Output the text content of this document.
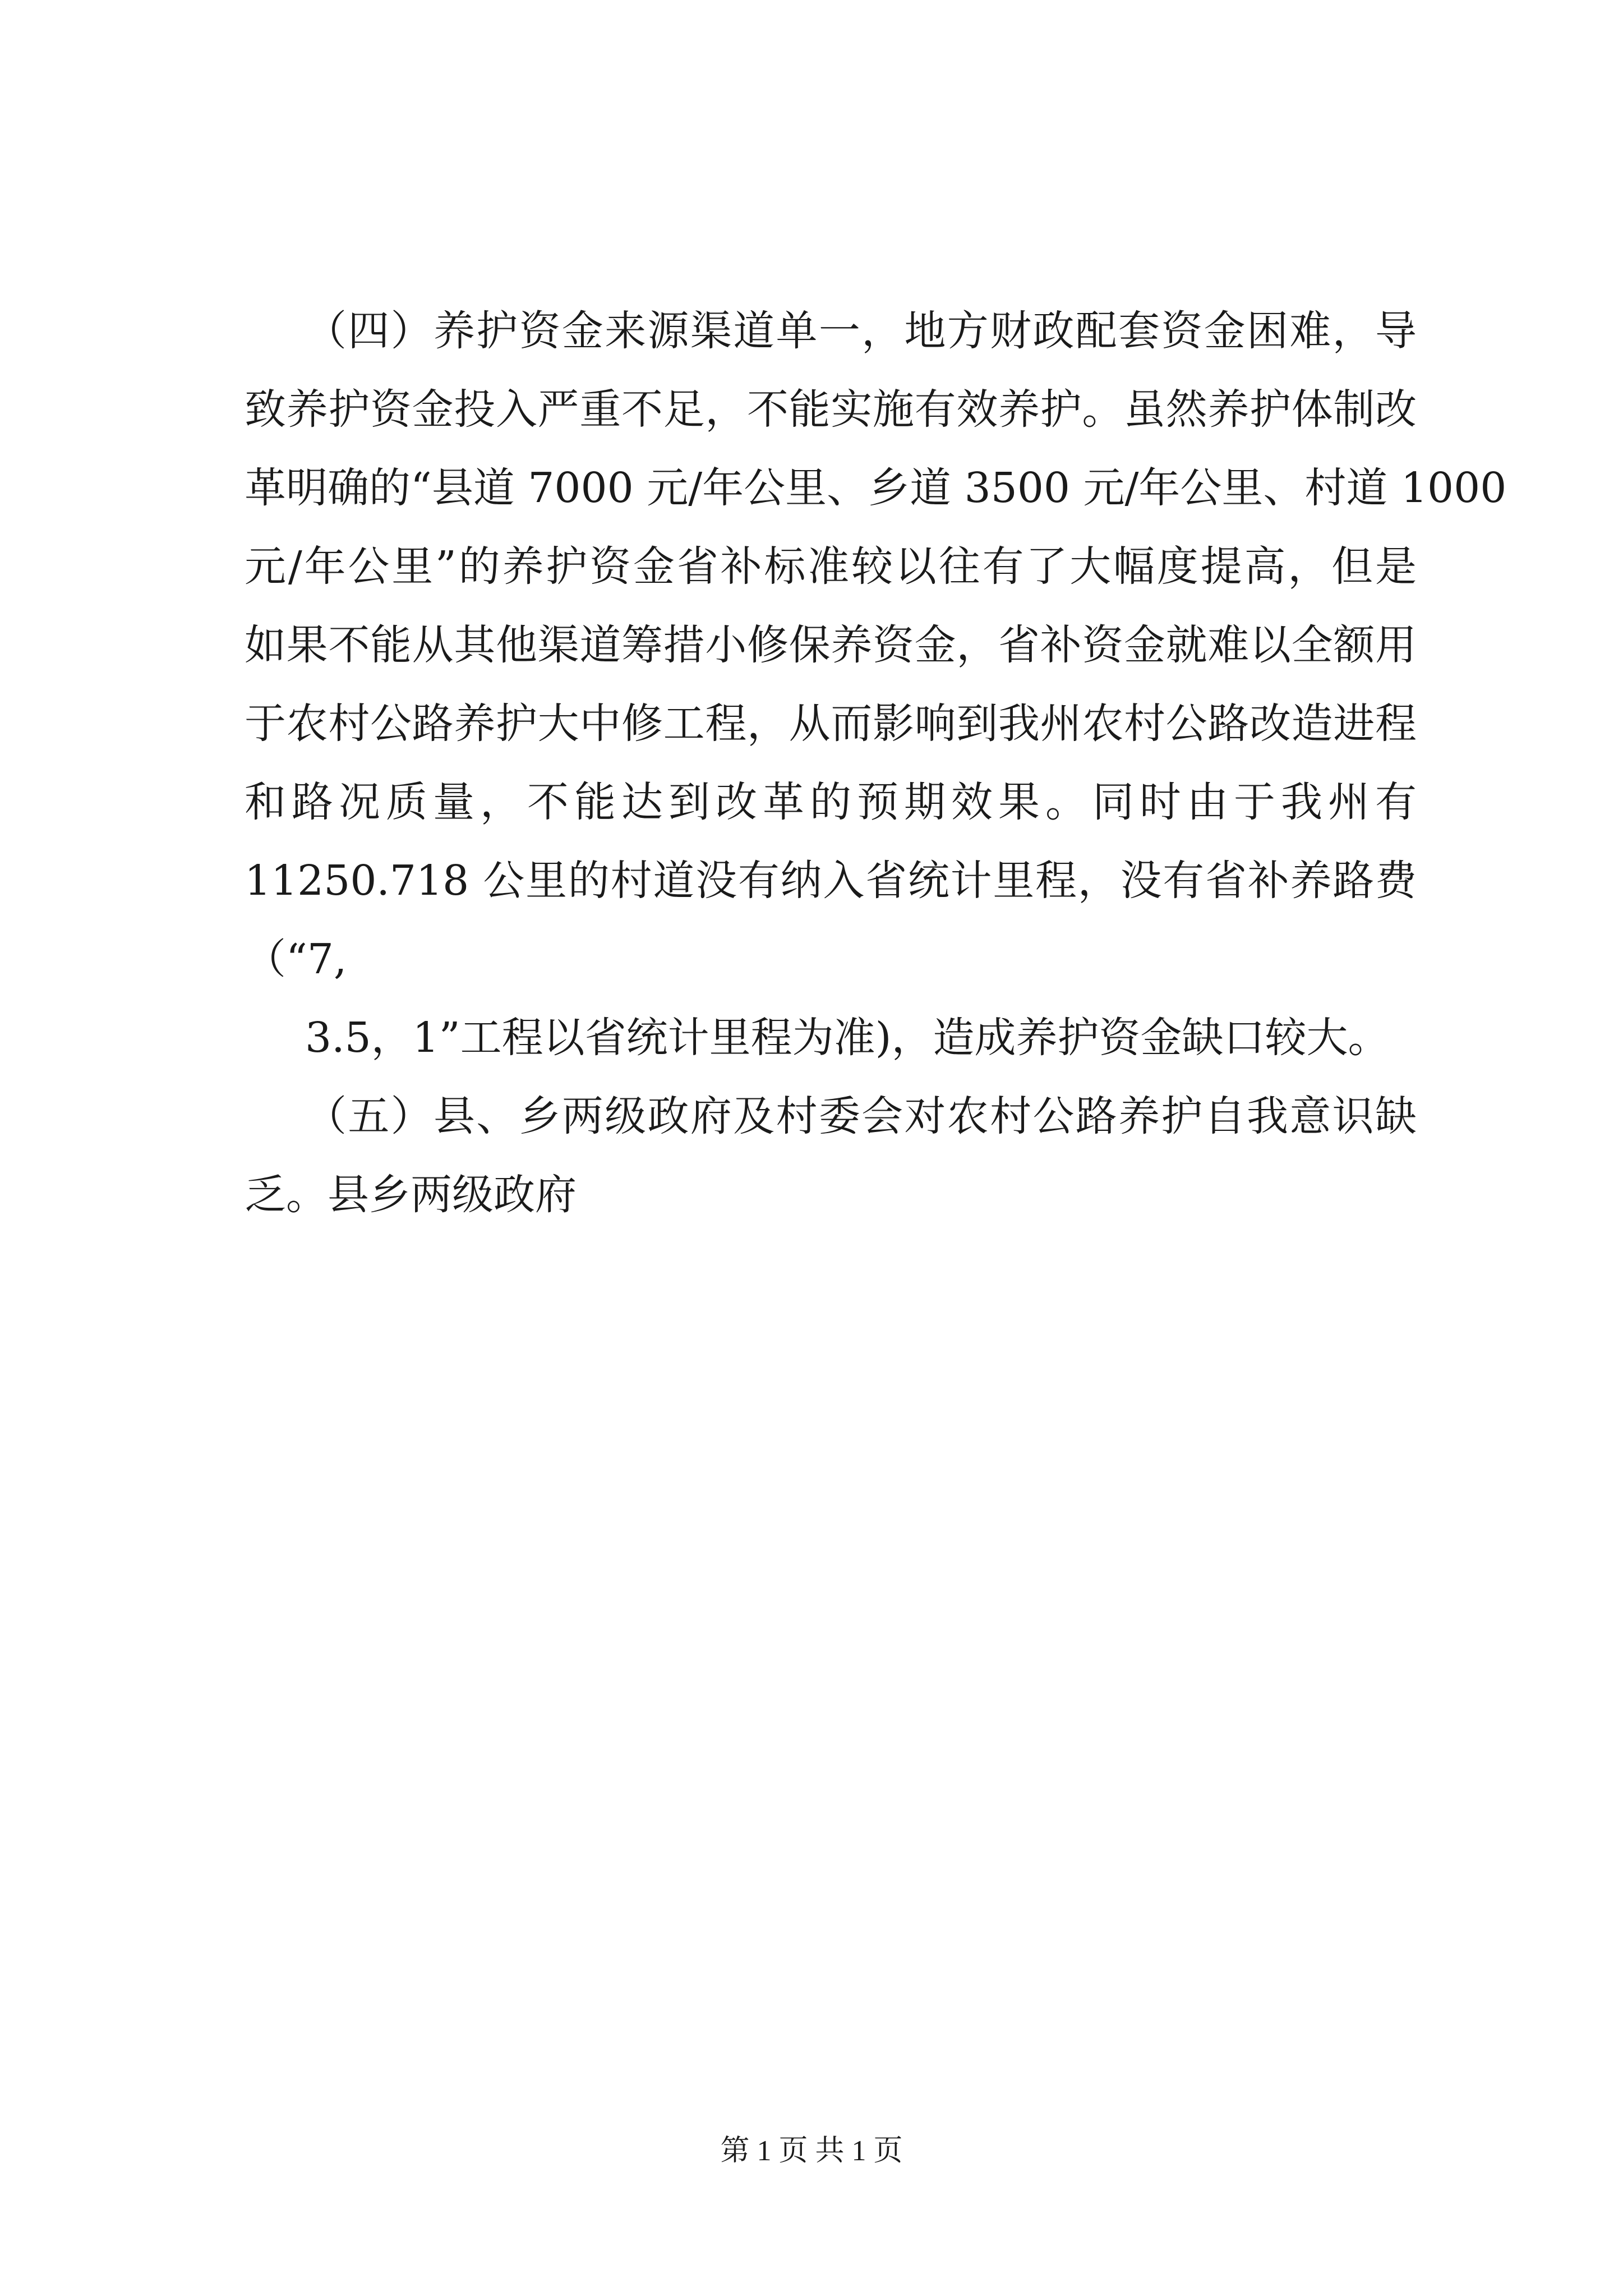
（四）养护资金来源渠道单一，地方财政配套资金困难，导
致养护资金投入严重不足，不能实施有效养护。虽然养护体制改
革明确的“县道 7000 元/年公里、乡道 3500 元/年公里、村道 1000
元/年公里”的养护资金省补标准较以往有了大幅度提高，但是
如果不能从其他渠道筹措小修保养资金，省补资金就难以全额用
于农村公路养护大中修工程，从而影响到我州农村公路改造进程
和路况质量，不能达到改革的预期效果。同时由于我州有
11250.718 公里的村道没有纳入省统计里程，没有省补养路费
（“7,
3.5，1”工程以省统计里程为准)，造成养护资金缺口较大。
（五）县、乡两级政府及村委会对农村公路养护自我意识缺
乏。县乡两级政府
第 1 页 共 1 页
